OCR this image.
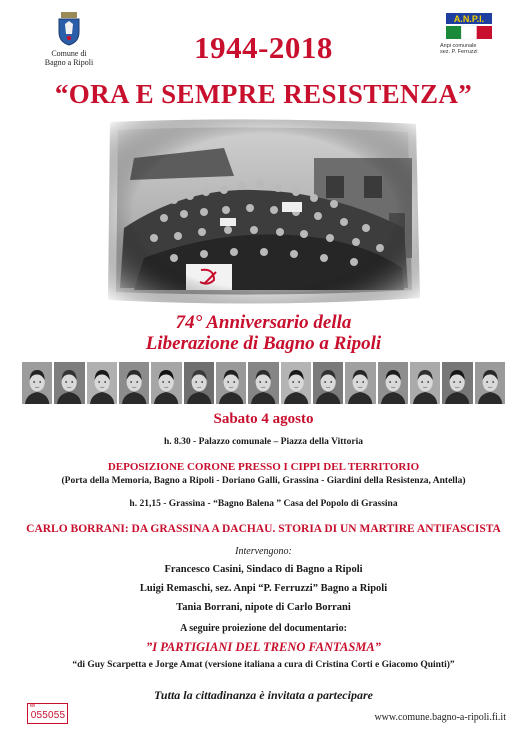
Comune di
Bagno a Ripoli
A.N.P.I.
Anpi comunale
sez. P. Ferruzzi
1944-2018
“ORA E SEMPRE RESISTENZA”
74° Anniversario della
Liberazione di Bagno a Ripoli
Sabato 4 agosto
h. 8.30 - Palazzo comunale – Piazza della Vittoria
DEPOSIZIONE CORONE PRESSO I CIPPI DEL TERRITORIO
(Porta della Memoria, Bagno a Ripoli - Doriano Galli, Grassina - Giardini della Resistenza, Antella)
h. 21,15 - Grassina - “Bagno Balena ” Casa del Popolo di Grassina
CARLO BORRANI: DA GRASSINA A DACHAU. STORIA DI UN MARTIRE ANTIFASCISTA
Intervengono:
Francesco Casini, Sindaco di Bagno a Ripoli
Luigi Remaschi, sez. Anpi “P. Ferruzzi” Bagno a Ripoli
Tania Borrani, nipote di Carlo Borrani
A seguire proiezione del documentario:
”I PARTIGIANI DEL TRENO FANTASMA”
“di Guy Scarpetta e Jorge Amat (versione italiana a cura di Cristina Corti e Giacomo Quinti)”
Tutta la cittadinanza è invitata a partecipare
tel
055055	www.comune.bagno-a-ripoli.fi.it
